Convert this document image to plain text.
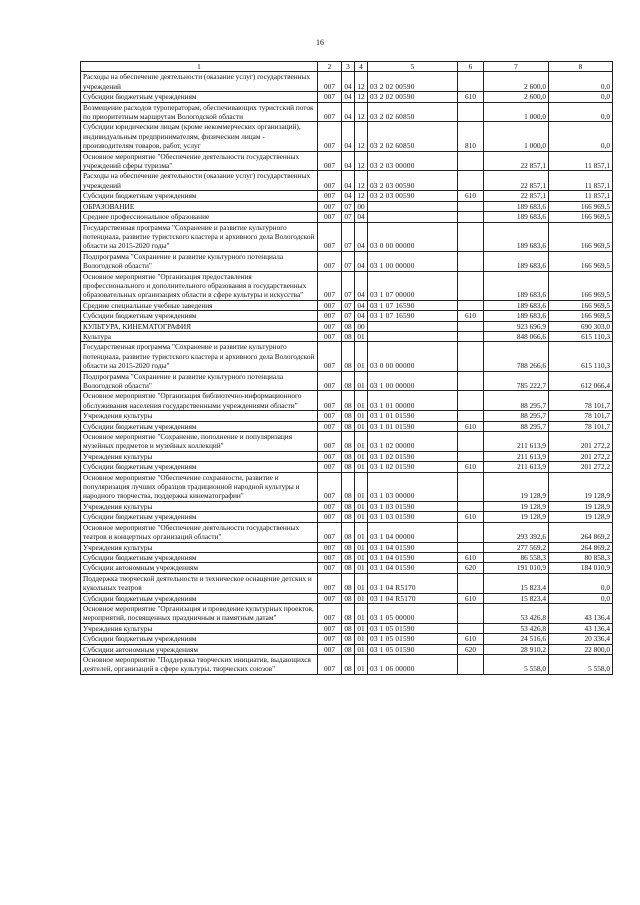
16
1	2	3	4	5	6	7	8
Расходы на обеспечение деятельности (оказание услуг) государственных учреждений	007	04	12	03 2 02 00590		2 600,0	0,0
Субсидии бюджетным учреждениям	007	04	12	03 2 02 00590	610	2 600,0	0,0
Возмещение расходов туроператорам, обеспечивающих туристский поток по приоритетным маршрутам Вологодской области	007	04	12	03 2 02 60850		1 000,0	0,0
Субсидии юридическим лицам (кроме некоммерческих организаций), индивидуальным предпринимателям, физическим лицам - производителям товаров, работ, услуг	007	04	12	03 2 02 60850	810	1 000,0	0,0
Основное мероприятие "Обеспечение деятельности государственных учреждений сферы туризма"	007	04	12	03 2 03 00000		22 857,1	11 857,1
Расходы на обеспечение деятельности (оказание услуг) государственных учреждений	007	04	12	03 2 03 00590		22 857,1	11 857,1
Субсидии бюджетным учреждениям	007	04	12	03 2 03 00590	610	22 857,1	11 857,1
ОБРАЗОВАНИЕ	007	07	00			189 683,6	166 969,5
Среднее профессиональное образование	007	07	04			189 683,6	166 969,5
Государственная программа "Сохранение и развитие культурного потенциала, развитие туристского кластера и архивного дела Вологодской области на 2015-2020 годы"	007	07	04	03 0 00 00000		189 683,6	166 969,5
Подпрограмма "Сохранение и развитие культурного потенциала Вологодской области"	007	07	04	03 1 00 00000		189 683,6	166 969,5
Основное мероприятие "Организация предоставления профессионального и дополнительного образования в государственных образовательных организациях области в сфере культуры и искусства"	007	07	04	03 1 07 00000		189 683,6	166 969,5
Средние специальные учебные заведения	007	07	04	03 1 07 16590		189 683,6	166 969,5
Субсидии бюджетным учреждениям	007	07	04	03 1 07 16590	610	189 683,6	166 969,5
КУЛЬТУРА, КИНЕМАТОГРАФИЯ	007	08	00			923 696,9	690 303,0
Культура	007	08	01			848 066,6	615 110,3
Государственная программа "Сохранение и развитие культурного потенциала, развитие туристского кластера и архивного дела Вологодской области на 2015-2020 годы"	007	08	01	03 0 00 00000		788 266,6	615 110,3
Подпрограмма "Сохранение и развитие культурного потенциала Вологодской области"	007	08	01	03 1 00 00000		785 222,7	612 066,4
Основное мероприятие "Организация библиотечно-информационного обслуживания населения государственными учреждениями области"	007	08	01	03 1 01 00000		88 295,7	78 101,7
Учреждения культуры	007	08	01	03 1 01 01590		88 295,7	78 101,7
Субсидии бюджетным учреждениям	007	08	01	03 1 01 01590	610	88 295,7	78 101,7
Основное мероприятие "Сохранение, пополнение и популяризация музейных предметов и музейных коллекций"	007	08	01	03 1 02 00000		211 613,9	201 272,2
Учреждения культуры	007	08	01	03 1 02 01590		211 613,9	201 272,2
Субсидии бюджетным учреждениям	007	08	01	03 1 02 01590	610	211 613,9	201 272,2
Основное мероприятие "Обеспечение сохранности, развитие и популяризация лучших образцов традиционной народной культуры и народного творчества, поддержка кинематографии"	007	08	01	03 1 03 00000		19 128,9	19 128,9
Учреждения культуры	007	08	01	03 1 03 01590		19 128,9	19 128,9
Субсидии бюджетным учреждениям	007	08	01	03 1 03 01590	610	19 128,9	19 128,9
Основное мероприятие "Обеспечение деятельности государственных театров и концертных организаций области"	007	08	01	03 1 04 00000		293 392,6	264 869,2
Учреждения культуры	007	08	01	03 1 04 01590		277 569,2	264 869,2
Субсидии бюджетным учреждениям	007	08	01	03 1 04 01590	610	86 558,3	80 858,3
Субсидии автономным учреждениям	007	08	01	03 1 04 01590	620	191 010,9	184 010,9
Поддержка творческой деятельности и техническое оснащение детских и кукольных театров	007	08	01	03 1 04 R5170		15 823,4	0,0
Субсидии бюджетным учреждениям	007	08	01	03 1 04 R5170	610	15 823,4	0,0
Основное мероприятие "Организация и проведение культурных проектов, мероприятий, посвященных праздничным и памятным датам"	007	08	01	03 1 05 00000		53 426,8	43 136,4
Учреждения культуры	007	08	01	03 1 05 01590		53 426,8	43 136,4
Субсидии бюджетным учреждениям	007	08	01	03 1 05 01590	610	24 516,6	20 336,4
Субсидии автономным учреждениям	007	08	01	03 1 05 01590	620	28 910,2	22 800,0
Основное мероприятие "Поддержка творческих инициатив, выдающихся деятелей, организаций в сфере культуры, творческих союзов"	007	08	01	03 1 06 00000		5 558,0	5 558,0
